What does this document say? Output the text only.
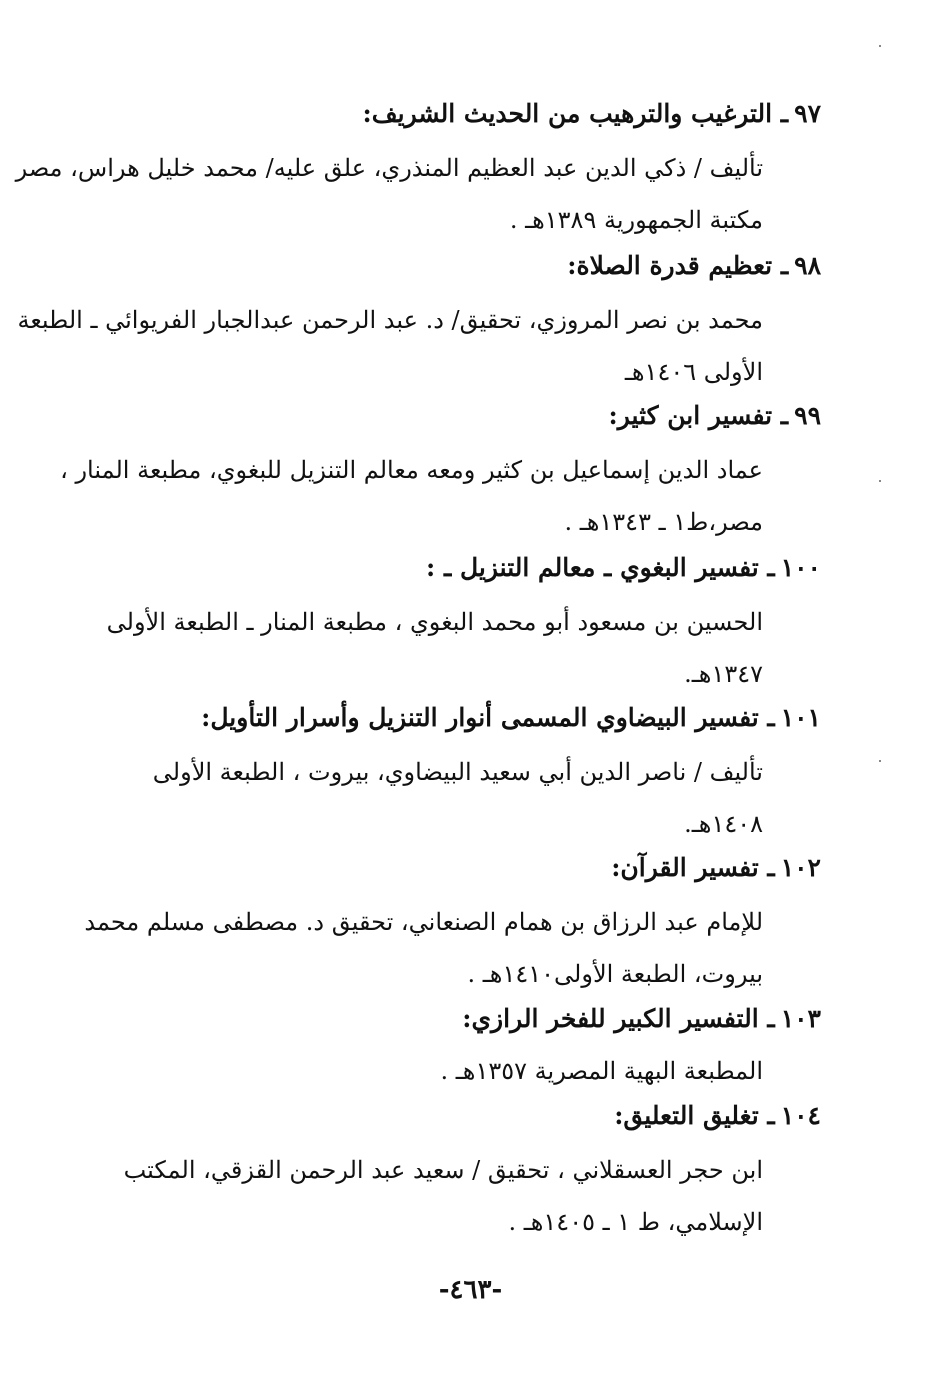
٩٧ـ الترغيب والترهيب من الحديث الشريف:
تأليف / ذكي الدين عبد العظيم المنذري، علق عليه/ محمد خليل هراس، مصر
مكتبة الجمهورية ١٣٨٩هـ .
٩٨ـ تعظيم قدرة الصلاة:
محمد بن نصر المروزي، تحقيق/ د. عبد الرحمن عبدالجبار الفريوائي ـ الطبعة
الأولى ١٤٠٦هـ
٩٩ـ تفسير ابن كثير:
عماد الدين إسماعيل بن كثير ومعه معالم التنزيل للبغوي، مطبعة المنار ،
مصر،ط١ ـ ١٣٤٣هـ .
١٠٠ـ تفسير البغوي ـ معالم التنزيل ـ :
الحسين بن مسعود أبو محمد البغوي ، مطبعة المنار ـ الطبعة الأولى
١٣٤٧هـ.
١٠١ـ تفسير البيضاوي المسمى أنوار التنزيل وأسرار التأويل:
تأليف / ناصر الدين أبي سعيد البيضاوي، بيروت ، الطبعة الأولى
١٤٠٨هـ.
١٠٢ـ تفسير القرآن:
للإمام عبد الرزاق بن همام الصنعاني، تحقيق د. مصطفى مسلم محمد
بيروت، الطبعة الأولى١٤١٠هـ .
١٠٣ـ التفسير الكبير للفخر الرازي:
المطبعة البهية المصرية ١٣٥٧هـ .
١٠٤ـ تغليق التعليق:
ابن حجر العسقلاني ، تحقيق / سعيد عبد الرحمن القزقي، المكتب
الإسلامي، ط ١ ـ ١٤٠٥هـ .
-٤٦٣-
